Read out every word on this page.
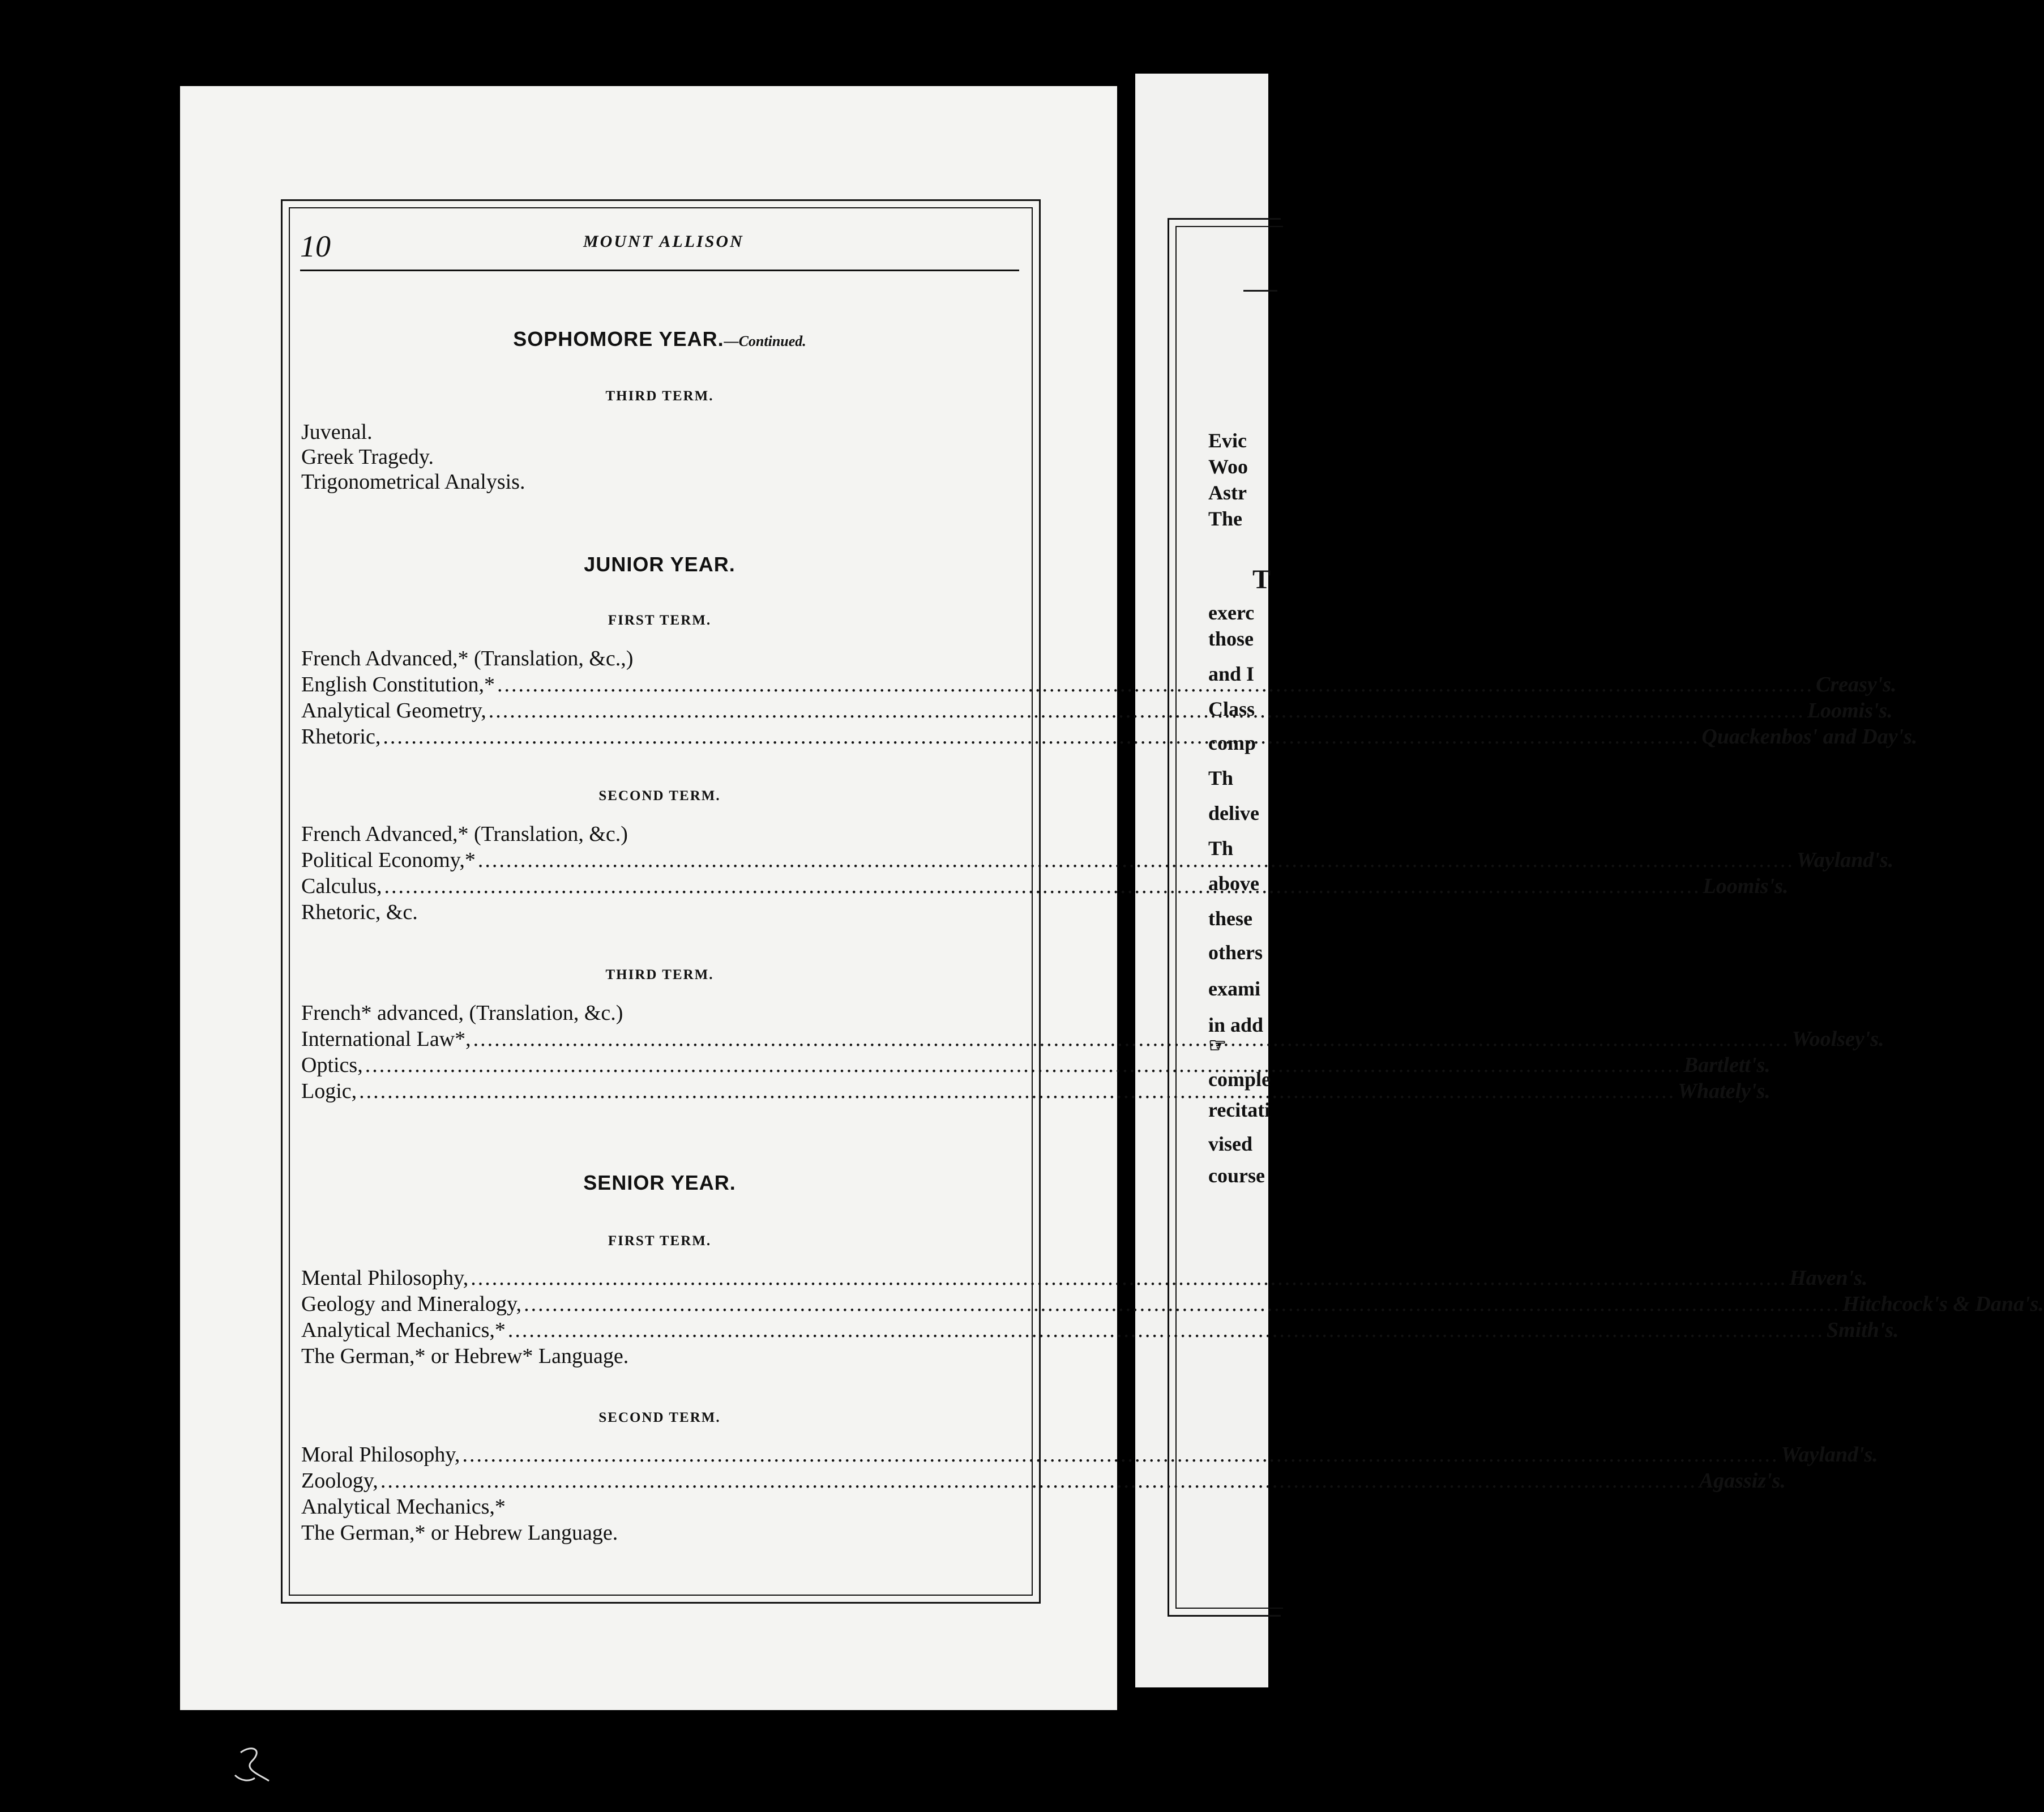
10	MOUNT ALLISON
SOPHOMORE YEAR.—Continued.
THIRD TERM.
Juvenal.
Greek Tragedy.
Trigonometrical Analysis.
JUNIOR YEAR.
FIRST TERM.
French Advanced,* (Translation, &c.,)
English Constitution,* .....	Creasy's.
Analytical Geometry, .....	Loomis's.
Rhetoric, .....	Quackenbos' and Day's.
SECOND TERM.
French Advanced,* (Translation, &c.)
Political Economy,* .....	Wayland's.
Calculus, .....	Loomis's.
Rhetoric, &c.
THIRD TERM.
French* advanced, (Translation, &c.)
International Law*, .....	Woolsey's.
Optics, .....	Bartlett's.
Logic, .....	Whately's.
SENIOR YEAR.
FIRST TERM.
Mental Philosophy, .....	Haven's.
Geology and Mineralogy, .....	Hitchcock's & Dana's.
Analytical Mechanics,* .....	Smith's.
The German,* or Hebrew* Language.
SECOND TERM.
Moral Philosophy, .....	Wayland's.
Zoology, .....	Agassiz's.
Analytical Mechanics,*
The German,* or Hebrew Language.
Evic
Woo
Astr
The
T
exerc
those
and I
Class
comp
Th
delive
Th
above
these
others
exami
in add
☞
comple
recitati
vised
course
